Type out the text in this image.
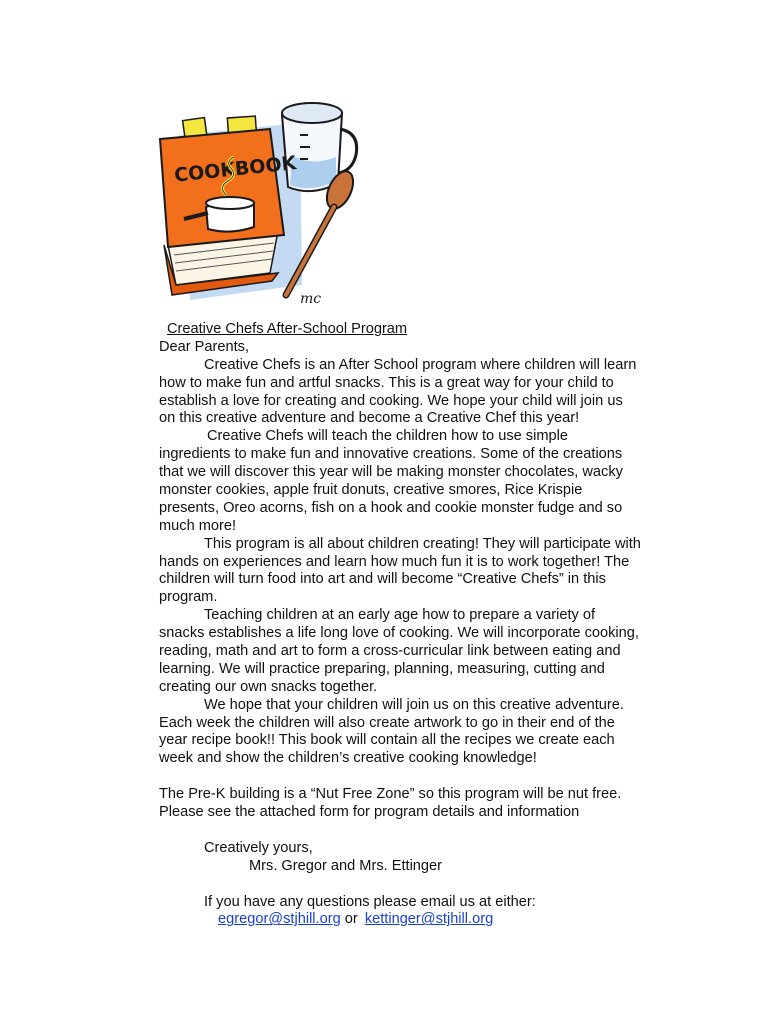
COOKBOOK
mc
Creative Chefs After-School Program
Dear Parents,
Creative Chefs is an After School program where children will learn
how to make fun and artful snacks. This is a great way for your child to
establish a love for creating and cooking. We hope your child will join us
on this creative adventure and become a Creative Chef this year!
Creative Chefs will teach the children how to use simple
ingredients to make fun and innovative creations. Some of the creations
that we will discover this year will be making monster chocolates, wacky
monster cookies, apple fruit donuts, creative smores, Rice Krispie
presents, Oreo acorns, fish on a hook and cookie monster fudge and so
much more!
This program is all about children creating! They will participate with
hands on experiences and learn how much fun it is to work together! The
children will turn food into art and will become “Creative Chefs” in this
program.
Teaching children at an early age how to prepare a variety of
snacks establishes a life long love of cooking. We will incorporate cooking,
reading, math and art to form a cross-curricular link between eating and
learning. We will practice preparing, planning, measuring, cutting and
creating our own snacks together.
We hope that your children will join us on this creative adventure.
Each week the children will also create artwork to go in their end of the
year recipe book!! This book will contain all the recipes we create each
week and show the children’s creative cooking knowledge!
The Pre-K building is a “Nut Free Zone” so this program will be nut free.
Please see the attached form for program details and information
Creatively yours,
Mrs. Gregor and Mrs. Ettinger
If you have any questions please email us at either:
egregor@stjhill.org or kettinger@stjhill.org
